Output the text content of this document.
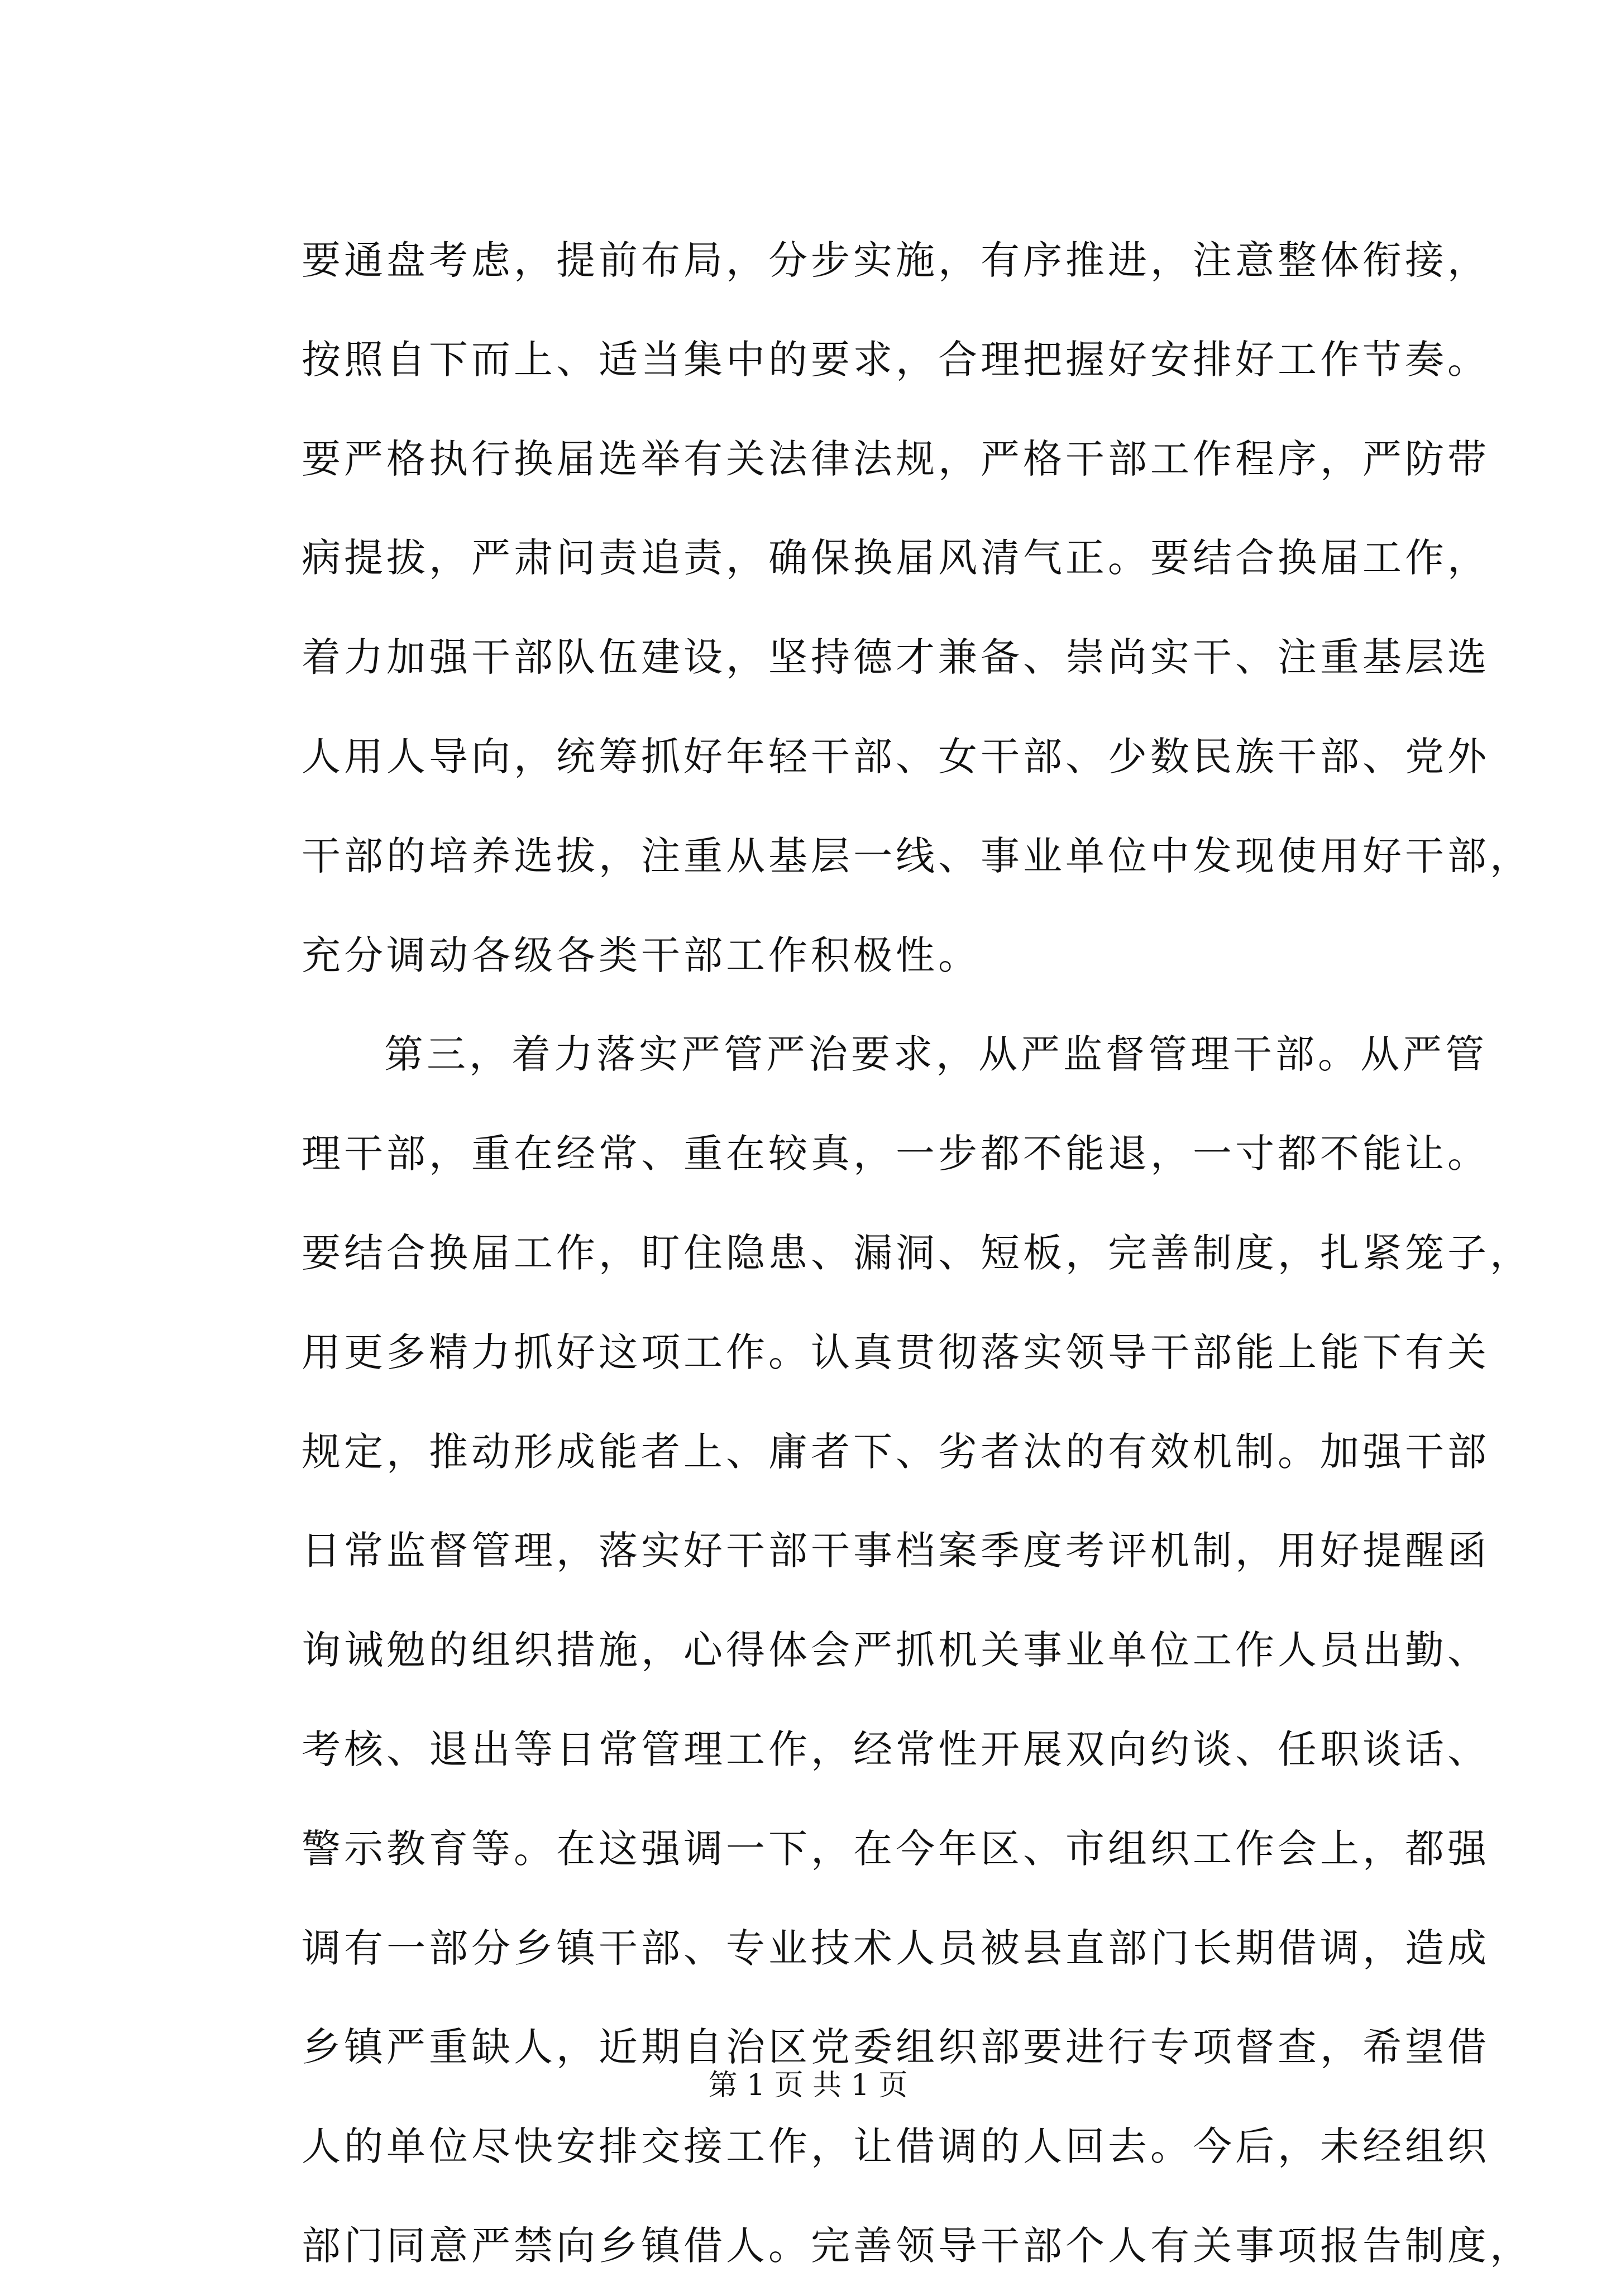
要通盘考虑，提前布局，分步实施，有序推进，注意整体衔接，
按照自下而上、适当集中的要求，合理把握好安排好工作节奏。
要严格执行换届选举有关法律法规，严格干部工作程序，严防带
病提拔，严肃问责追责，确保换届风清气正。要结合换届工作，
着力加强干部队伍建设，坚持德才兼备、崇尚实干、注重基层选
人用人导向，统筹抓好年轻干部、女干部、少数民族干部、党外
干部的培养选拔，注重从基层一线、事业单位中发现使用好干部，
充分调动各级各类干部工作积极性。
第三，着力落实严管严治要求，从严监督管理干部。从严管
理干部，重在经常、重在较真，一步都不能退，一寸都不能让。
要结合换届工作，盯住隐患、漏洞、短板，完善制度，扎紧笼子，
用更多精力抓好这项工作。认真贯彻落实领导干部能上能下有关
规定，推动形成能者上、庸者下、劣者汰的有效机制。加强干部
日常监督管理，落实好干部干事档案季度考评机制，用好提醒函
询诫勉的组织措施，心得体会严抓机关事业单位工作人员出勤、
考核、退出等日常管理工作，经常性开展双向约谈、任职谈话、
警示教育等。在这强调一下，在今年区、市组织工作会上，都强
调有一部分乡镇干部、专业技术人员被县直部门长期借调，造成
乡镇严重缺人，近期自治区党委组织部要进行专项督查，希望借
人的单位尽快安排交接工作，让借调的人回去。今后，未经组织
部门同意严禁向乡镇借人。完善领导干部个人有关事项报告制度，
第 1 页 共 1 页
